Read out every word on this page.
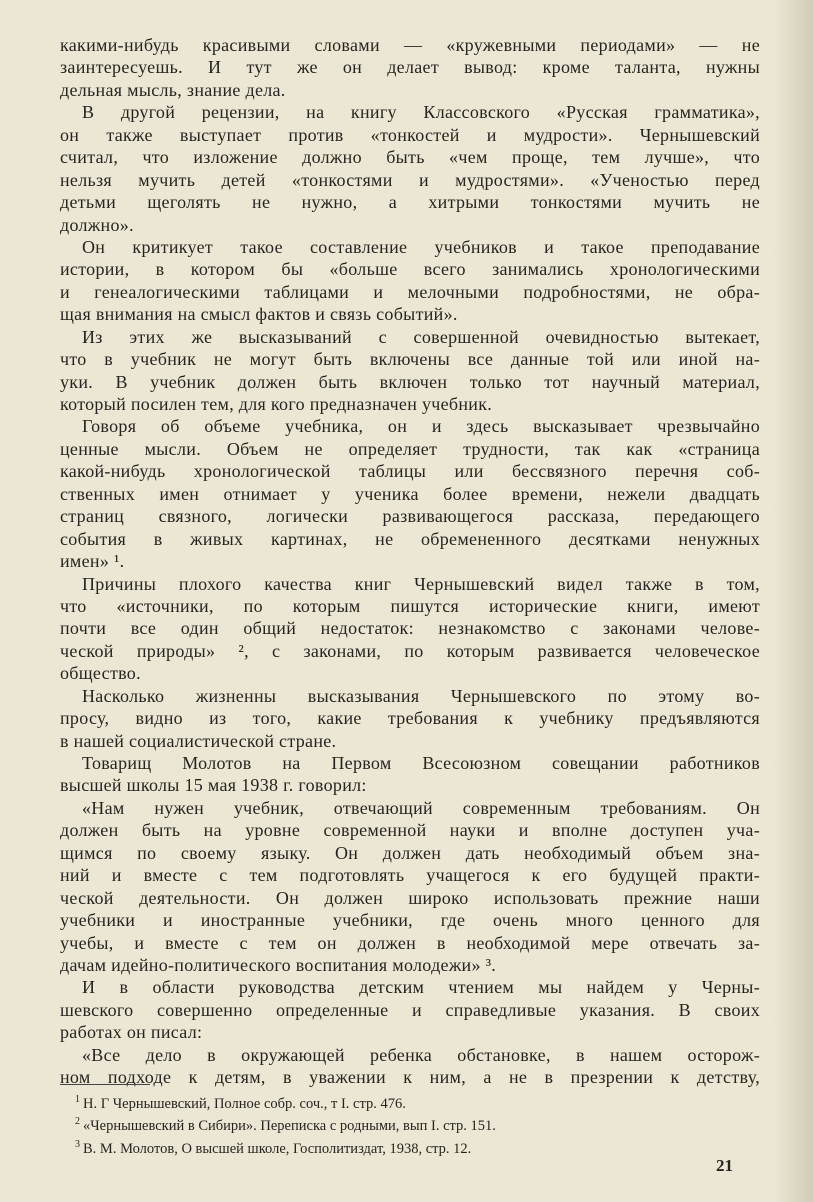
какими-нибудь красивыми словами — «кружевными периодами» — не
заинтересуешь. И тут же он делает вывод: кроме таланта, нужны
дельная мысль, знание дела.
В другой рецензии, на книгу Классовского «Русская грамматика»,
он также выступает против «тонкостей и мудрости». Чернышевский
считал, что изложение должно быть «чем проще, тем лучше», что
нельзя мучить детей «тонкостями и мудростями». «Ученостью перед
детьми щеголять не нужно, а хитрыми тонкостями мучить не
должно».
Он критикует такое составление учебников и такое преподавание
истории, в котором бы «больше всего занимались хронологическими
и генеалогическими таблицами и мелочными подробностями, не обра-
щая внимания на смысл фактов и связь событий».
Из этих же высказываний с совершенной очевидностью вытекает,
что в учебник не могут быть включены все данные той или иной на-
уки. В учебник должен быть включен только тот научный материал,
который посилен тем, для кого предназначен учебник.
Говоря об объеме учебника, он и здесь высказывает чрезвычайно
ценные мысли. Объем не определяет трудности, так как «страница
какой-нибудь хронологической таблицы или бессвязного перечня соб-
ственных имен отнимает у ученика более времени, нежели двадцать
страниц связного, логически развивающегося рассказа, передающего
события в живых картинах, не обремененного десятками ненужных
имен» ¹.
Причины плохого качества книг Чернышевский видел также в том,
что «источники, по которым пишутся исторические книги, имеют
почти все один общий недостаток: незнакомство с законами челове-
ческой природы» ², с законами, по которым развивается человеческое
общество.
Насколько жизненны высказывания Чернышевского по этому во-
просу, видно из того, какие требования к учебнику предъявляются
в нашей социалистической стране.
Товарищ Молотов на Первом Всесоюзном совещании работников
высшей школы 15 мая 1938 г. говорил:
«Нам нужен учебник, отвечающий современным требованиям. Он
должен быть на уровне современной науки и вполне доступен уча-
щимся по своему языку. Он должен дать необходимый объем зна-
ний и вместе с тем подготовлять учащегося к его будущей практи-
ческой деятельности. Он должен широко использовать прежние наши
учебники и иностранные учебники, где очень много ценного для
учебы, и вместе с тем он должен в необходимой мере отвечать за-
дачам идейно-политического воспитания молодежи» ³.
И в области руководства детским чтением мы найдем у Черны-
шевского совершенно определенные и справедливые указания. В своих
работах он писал:
«Все дело в окружающей ребенка обстановке, в нашем осторож-
ном подходе к детям, в уважении к ним, а не в презрении к детству,
$^1$ Н. Г Чернышевский, Полное собр. соч., т I. стр. 476.
$^2$ «Чернышевский в Сибири». Переписка с родными, вып I. стр. 151.
$^3$ В. М. Молотов, О высшей школе, Госполитиздат, 1938, стр. 12.
21
